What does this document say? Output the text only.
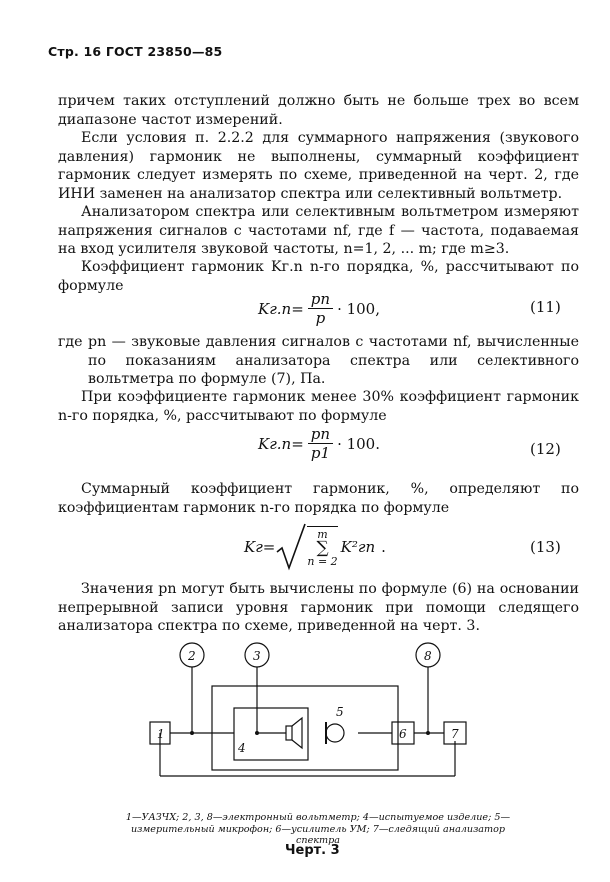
Стр. 16 ГОСТ 23850—85
причем таких отступлений должно быть не больше трех во всем диапазоне частот измерений.
Если условия п. 2.2.2 для суммарного напряжения (звукового давления) гармоник не выполнены, суммарный коэффициент гармоник следует измерять по схеме, приведенной на черт. 2, где ИНИ заменен на анализатор спектра или селективный вольтметр.
Анализатором спектра или селективным вольтметром измеряют напряжения сигналов с частотами nf, где f — частота, подаваемая на вход усилителя звуковой частоты, n=1, 2, ... m; где m≥3.
Коэффициент гармоник Kг.n n-го порядка, %, рассчитывают по формуле
$Kг.n= \frac{pn}{p} \cdot 100$,	(11)
где pn — звуковые давления сигналов с частотами nf, вычисленные по показаниям анализатора спектра или селективного вольтметра по формуле (7), Па.
При коэффициенте гармоник менее 30% коэффициент гармоник n-го порядка, %, рассчитывают по формуле
$Kг.n= \frac{pn}{p1} \cdot 100$.	(12)
Суммарный коэффициент гармоник, %, определяют по коэффициентам гармоник n-го порядка по формуле
Kг=
m
∑
n = 2
K²гn .	(13)
Значения pn могут быть вычислены по формуле (6) на основании непрерывной записи уровня гармоник при помощи следящего анализатора спектра по схеме, приведенной на черт. 3.
1
2	3
4
5
6	7
8
1—УАЗЧХ; 2, 3, 8—электронный вольтметр; 4—испытуемое изделие; 5—измерительный микрофон; 6—усилитель УМ; 7—следящий анализатор спектра
Черт. 3
